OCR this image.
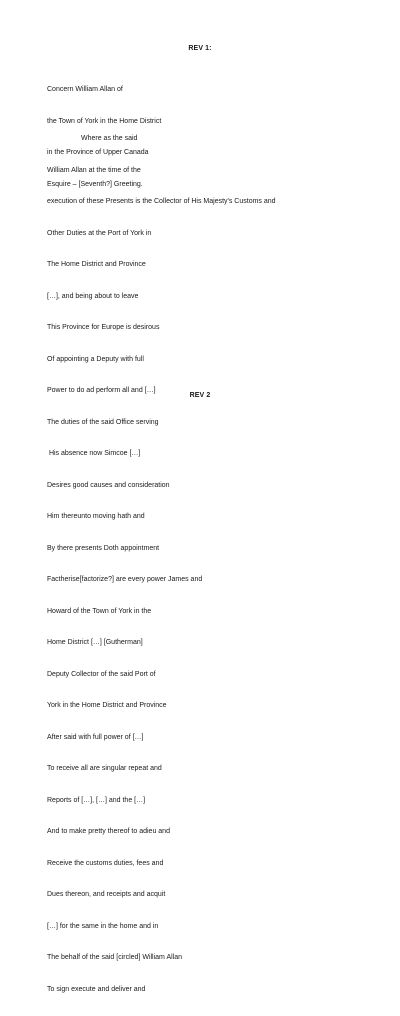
REV 1:

Concern William Allan of

the Town of York in the Home District

in the Province of Upper Canada

Esquire – [Seventh?] Greeting.

Where as the said

William Allan at the time of the

execution of these Presents is the Collector of His Majesty's Customs and

Other Duties at the Port of York in

The Home District and Province

[…], and being about to leave

This Province for Europe is desirous

Of appointing a Deputy with full

Power to do ad perform all and […]

The duties of the said Office serving

His absence now Simcoe […]

Desires good causes and consideration

Him thereunto moving hath and

By there presents Doth appointment

Factherise[factorize?] are every power James and

Howard of the Town of York in the

Home District […] [Gutherman]

Deputy Collector of the said Port of

York in the Home District and Province

After said with full power of […]

To receive all are singular repeat and

Reports of […], […] and the […]

And to make pretty thereof to adieu and

Receive the customs duties, fees and

Dues thereon, and receipts and acquit

[…] for the same in the home and in

The behalf of the said [circled] William Allan

To sign execute and deliver and

REV 2
